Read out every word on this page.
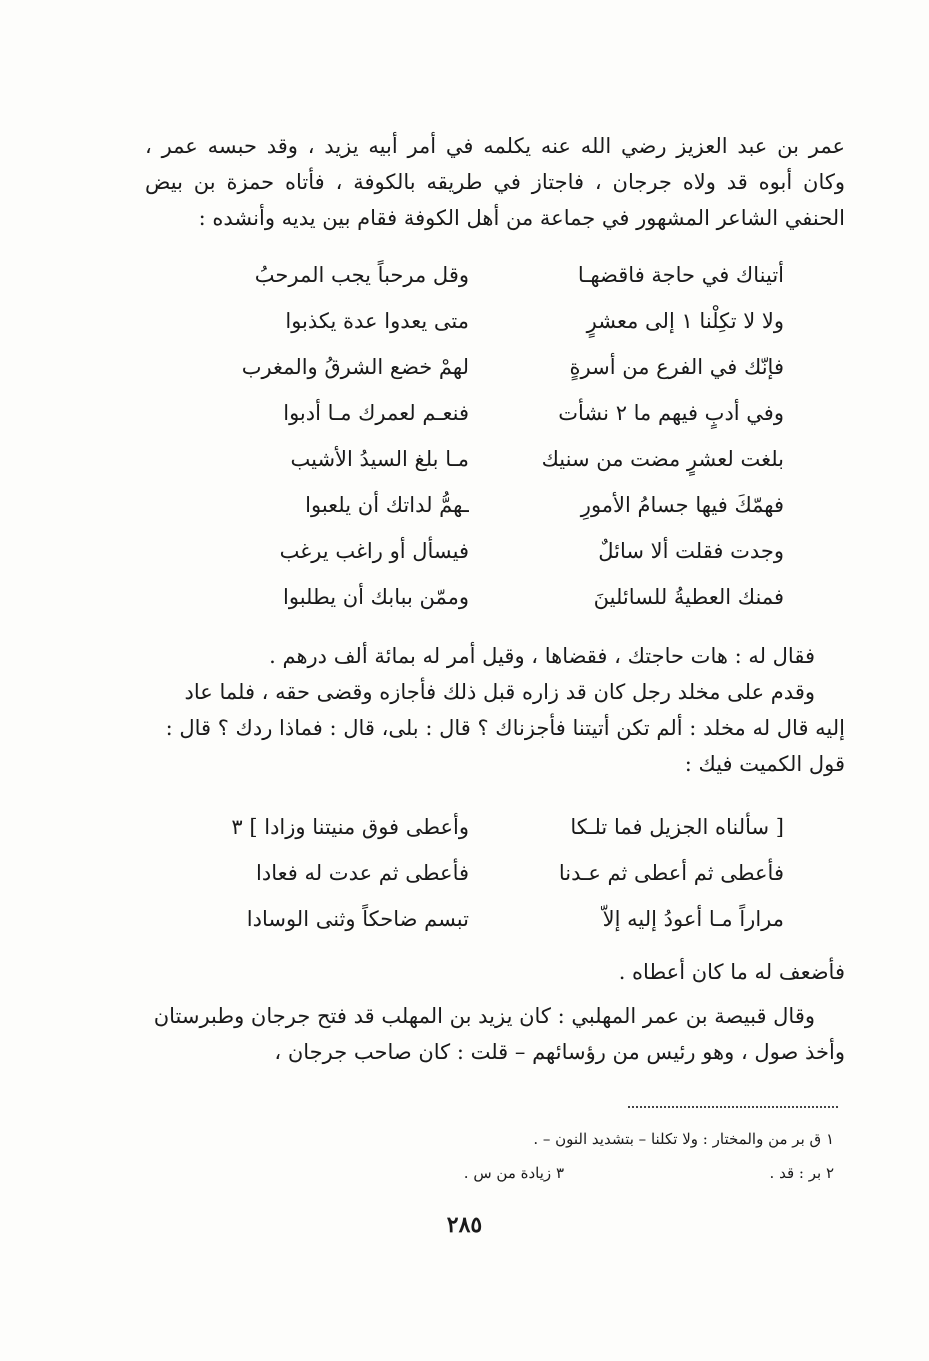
عمر بن عبد العزيز رضي الله عنه يكلمه في أمر أبيه يزيد ، وقد حبسه عمر ،
وكان أبوه قد ولاه جرجان ، فاجتاز في طريقه بالكوفة ، فأتاه حمزة بن بيض
الحنفي الشاعر المشهور في جماعة من أهل الكوفة فقام بين يديه وأنشده :
أتيناك في حاجة فاقضهـا
وقل مرحباً يجب المرحبُ
ولا لا تكِلْنا ١ إلى معشرٍ
متى يعدوا عدة يكذبوا
فإنّك في الفرع من أسرةٍ
لهمْ خضع الشرقُ والمغرب
وفي أدبٍ فيهم ما ٢ نشأت
فنعـم لعمرك مـا أدبوا
بلغت لعشرٍ مضت من سنيك
مـا بلغ السيدُ الأشيب
فهمّكَ فيها جسامُ الأمورِ
ـهمُّ لداتك أن يلعبوا
وجدت فقلت ألا سائلٌ
فيسأل أو راغب يرغب
فمنك العطيةُ للسائلينَ
وممّن ببابك أن يطلبوا
فقال له : هات حاجتك ، فقضاها ، وقيل أمر له بمائة ألف درهم .
وقدم على مخلد رجل كان قد زاره قبل ذلك فأجازه وقضى حقه ، فلما عاد
إليه قال له مخلد : ألم تكن أتيتنا فأجزناك ؟ قال : بلى، قال : فماذا ردك ؟ قال :
قول الكميت فيك :
[ سألناه الجزيل فما تلـكا
وأعطى فوق منيتنا وزادا ] ٣
فأعطى ثم أعطى ثم عـدنا
فأعطى ثم عدت له فعادا
مراراً مـا أعودُ إليه إلاّ
تبسم ضاحكاً وثنى الوسادا
فأضعف له ما كان أعطاه .
وقال قبيصة بن عمر المهلبي : كان يزيد بن المهلب قد فتح جرجان وطبرستان
وأخذ صول ، وهو رئيس من رؤسائهم – قلت : كان صاحب جرجان ،
١ ق بر من والمختار : ولا تكلنا – بتشديد النون – .
٢ بر : قد .
٣ زيادة من س .
٢٨٥
